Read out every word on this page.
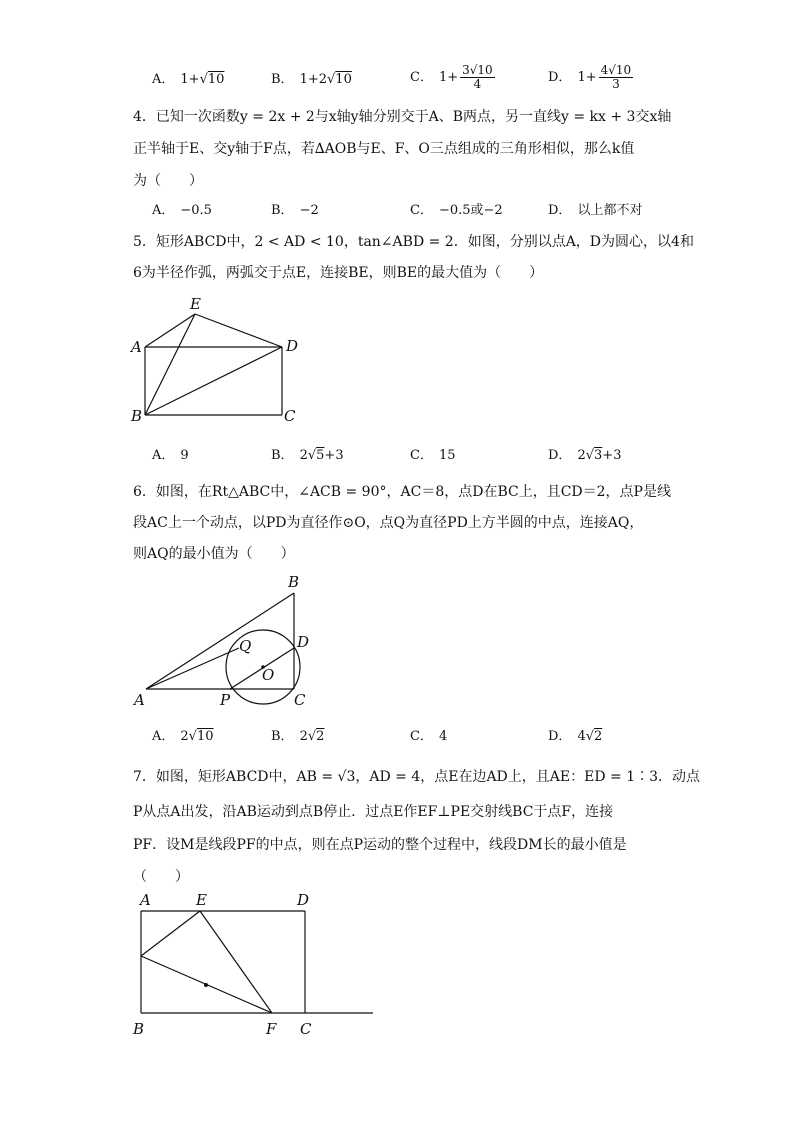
A． 1+√10	B． 1+2√10	C． $1+ \frac{3√10}{4}$	D． $1+ \frac{4√10}{3}$
4．已知一次函数y = 2x + 2与x轴y轴分别交于A、B两点，另一直线y = kx + 3交x轴
正半轴于E、交y轴于F点，若∆AOB与E、F、O三点组成的三角形相似，那么k值
为（　　）
A． −0.5	B． −2	C． −0.5或−2	D． 以上都不对
5．矩形ABCD中，2 < AD < 10，tan∠ABD = 2．如图，分别以点A，D为圆心，以4和
6为半径作弧，两弧交于点E，连接BE，则BE的最大值为（　　）
E
A	D
B	C
A． 9	B． 2√5+3	C． 15	D． 2√3+3
6．如图，在Rt△ABC中，∠ACB = 90°，AC＝8，点D在BC上，且CD＝2，点P是线
段AC上一个动点，以PD为直径作⊙O，点Q为直径PD上方半圆的中点，连接AQ，
则AQ的最小值为（　　）
B
D
Q
O
A	P	C
A． 2√10	B． 2√2	C． 4	D． 4√2
7．如图，矩形ABCD中，AB = √3，AD = 4，点E在边AD上，且AE：ED = 1∶3．动点
P从点A出发，沿AB运动到点B停止．过点E作EF⊥PE交射线BC于点F，连接
PF．设M是线段PF的中点，则在点P运动的整个过程中，线段DM长的最小值是
（　　）
A	E	D
B	F C
